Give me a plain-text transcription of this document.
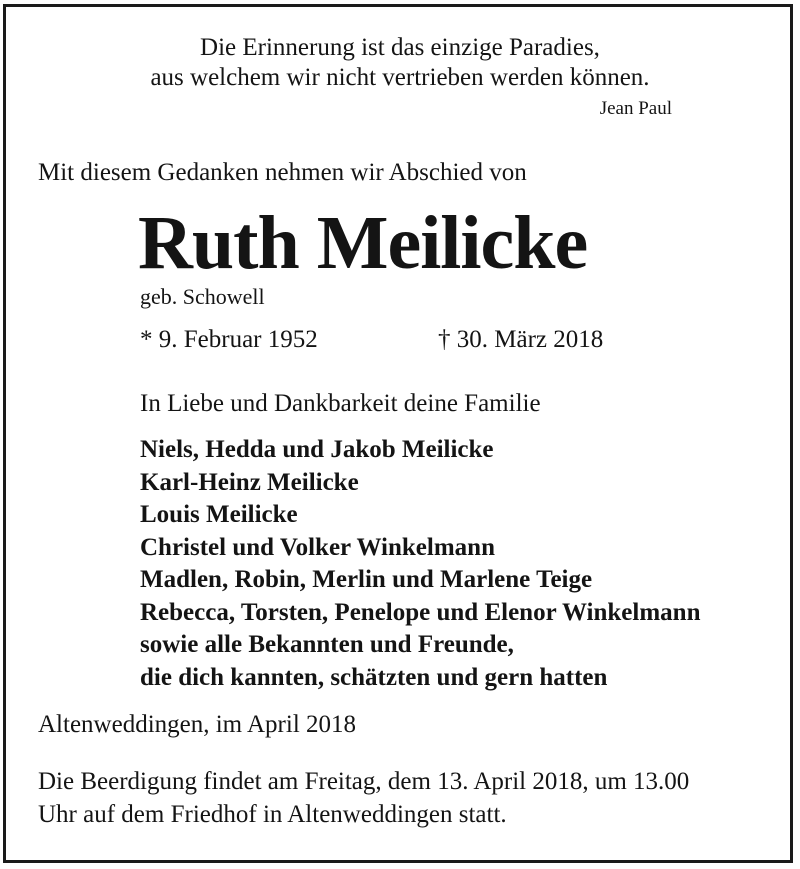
Die Erinnerung ist das einzige Paradies,
aus welchem wir nicht vertrieben werden können.
Jean Paul
Mit diesem Gedanken nehmen wir Abschied von
Ruth Meilicke
geb. Schowell
* 9. Februar 1952	† 30. März 2018
In Liebe und Dankbarkeit deine Familie
Niels, Hedda und Jakob Meilicke
Karl-Heinz Meilicke
Louis Meilicke
Christel und Volker Winkelmann
Madlen, Robin, Merlin und Marlene Teige
Rebecca, Torsten, Penelope und Elenor Winkelmann
sowie alle Bekannten und Freunde,
die dich kannten, schätzten und gern hatten
Altenweddingen, im April 2018
Die Beerdigung findet am Freitag, dem 13. April 2018, um 13.00
Uhr auf dem Friedhof in Altenweddingen statt.
